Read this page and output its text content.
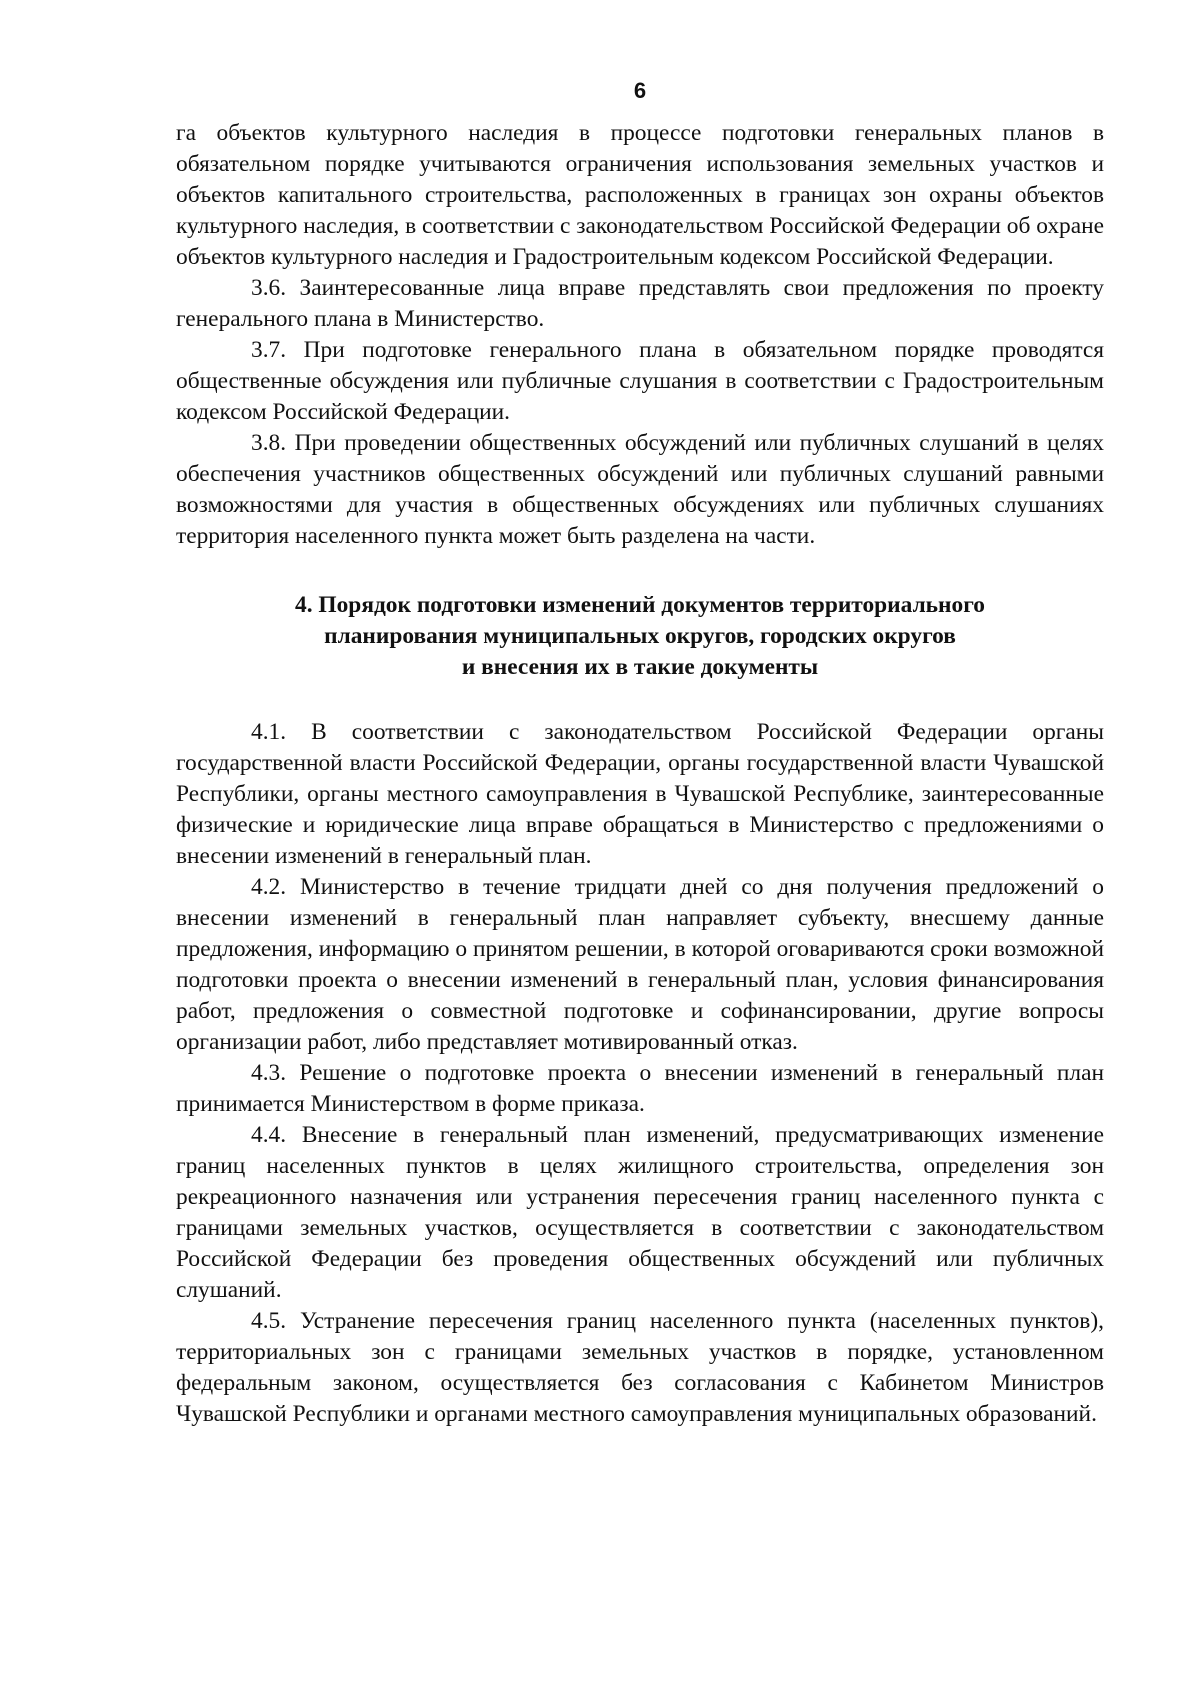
6

га объектов культурного наследия в процессе подготовки генеральных планов в обязательном порядке учитываются ограничения использования земельных участков и объектов капитального строительства, расположенных в границах зон охраны объектов культурного наследия, в соответствии с законодательством Российской Федерации об охране объектов культурного наследия и Градостроительным кодексом Российской Федерации.

3.6. Заинтересованные лица вправе представлять свои предложения по проекту генерального плана в Министерство.

3.7. При подготовке генерального плана в обязательном порядке проводятся общественные обсуждения или публичные слушания в соответствии с Градостроительным кодексом Российской Федерации.

3.8. При проведении общественных обсуждений или публичных слушаний в целях обеспечения участников общественных обсуждений или публичных слушаний равными возможностями для участия в общественных обсуждениях или публичных слушаниях территория населенного пункта может быть разделена на части.

4. Порядок подготовки изменений документов территориального
планирования муниципальных округов, городских округов
и внесения их в такие документы

4.1. В соответствии с законодательством Российской Федерации органы государственной власти Российской Федерации, органы государственной власти Чувашской Республики, органы местного самоуправления в Чувашской Республике, заинтересованные физические и юридические лица вправе обращаться в Министерство с предложениями о внесении изменений в генеральный план.

4.2. Министерство в течение тридцати дней со дня получения предложений о внесении изменений в генеральный план направляет субъекту, внесшему данные предложения, информацию о принятом решении, в которой оговариваются сроки возможной подготовки проекта о внесении изменений в генеральный план, условия финансирования работ, предложения о совместной подготовке и софинансировании, другие вопросы организации работ, либо представляет мотивированный отказ.

4.3. Решение о подготовке проекта о внесении изменений в генеральный план принимается Министерством в форме приказа.

4.4. Внесение в генеральный план изменений, предусматривающих изменение границ населенных пунктов в целях жилищного строительства, определения зон рекреационного назначения или устранения пересечения границ населенного пункта с границами земельных участков, осуществляется в соответствии с законодательством Российской Федерации без проведения общественных обсуждений или публичных слушаний.

4.5. Устранение пересечения границ населенного пункта (населенных пунктов), территориальных зон с границами земельных участков в порядке, установленном федеральным законом, осуществляется без согласования с Кабинетом Министров Чувашской Республики и органами местного самоуправления муниципальных образований.
